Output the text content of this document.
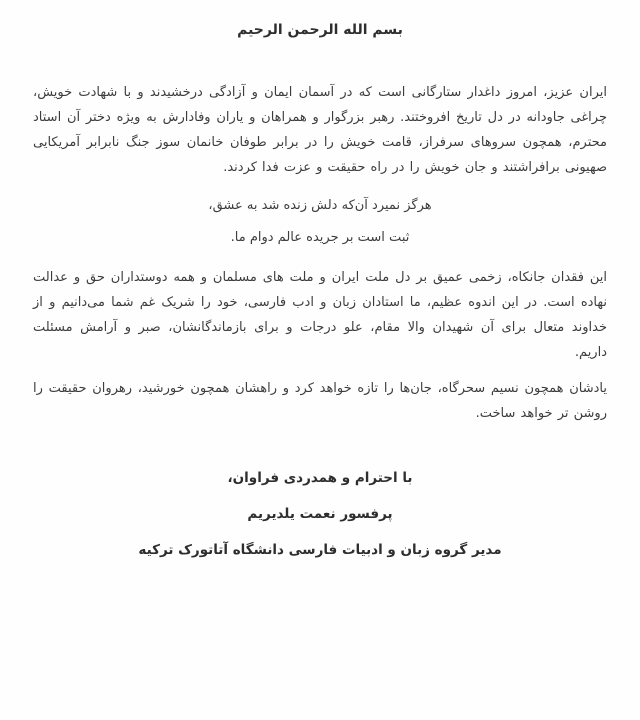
بسم الله الرحمن الرحیم
ایران عزیز، امروز داغدار ستارگانی است که در آسمان ایمان و آزادگی درخشیدند و با شهادت خویش، چراغی جاودانه در دل تاریخ افروختند. رهبر بزرگوار و همراهان و یاران وفادارش به ویژه دختر آن استاد محترم، همچون سروهای سرفراز، قامت خویش را در برابر طوفان خانمان سوز جنگ نابرابر آمریکایی صهیونی برافراشتند و جان خویش را در راه حقیقت و عزت فدا کردند.
هرگز نمیرد آن‌که دلش زنده شد به عشق،
ثبت است بر جریده عالم دوام ما.
این فقدان جانکاه، زخمی عمیق بر دل ملت ایران و ملت های مسلمان و همه دوستداران حق و عدالت نهاده است. در این اندوه عظیم، ما استادان زبان و ادب فارسی، خود را شریک غم شما می‌دانیم و از خداوند متعال برای آن شهیدان والا مقام، علو درجات و برای بازماندگانشان، صبر و آرامش مسئلت داریم.
یادشان همچون نسیم سحرگاه، جان‌ها را تازه خواهد کرد و راهشان همچون خورشید، رهروان حقیقت را روشن تر خواهد ساخت.
با احترام و همدردی فراوان،
پرفسور نعمت یلدیریم
مدیر گروه زبان و ادبیات فارسی دانشگاه آتاتورک ترکیه
